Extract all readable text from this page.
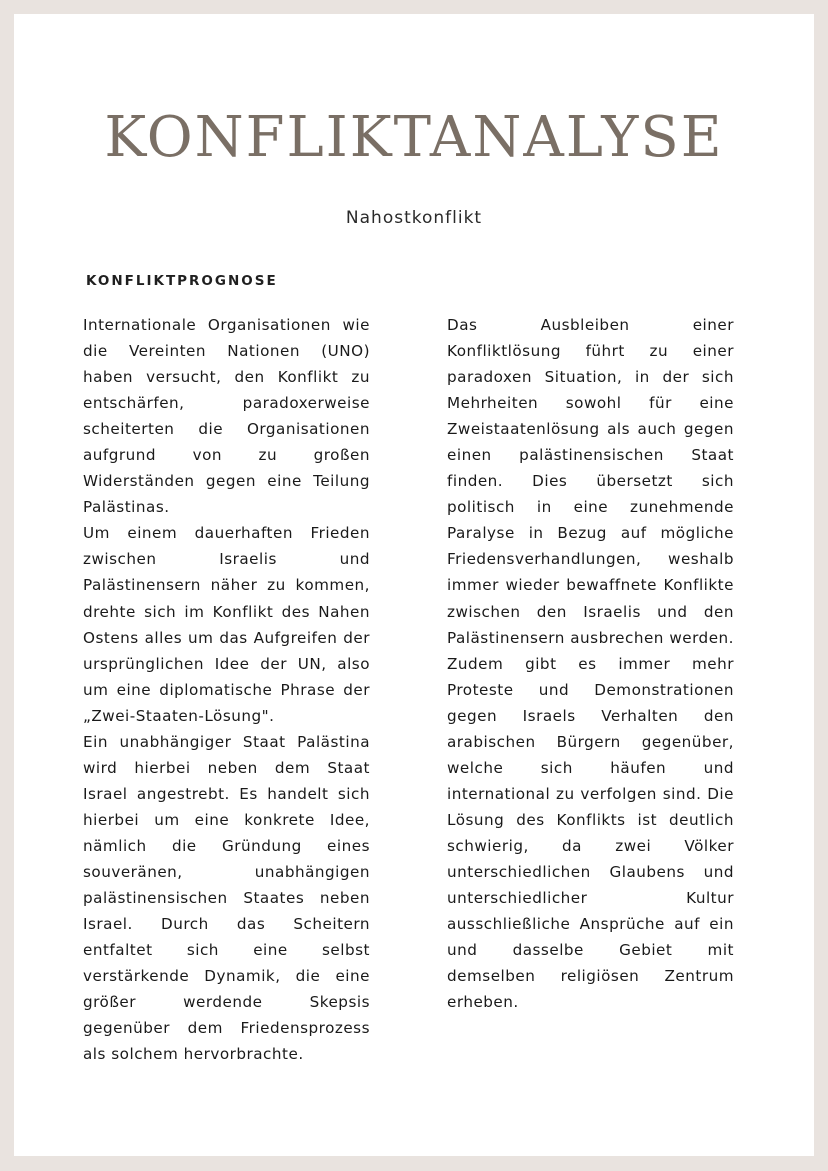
KONFLIKTANALYSE
Nahostkonflikt
KONFLIKTPROGNOSE

Internationale Organisationen wie die Vereinten Nationen (UNO) haben versucht, den Konflikt zu entschärfen, paradoxerweise scheiterten die Organisationen aufgrund von zu großen Widerständen gegen eine Teilung Palästinas.

Um einem dauerhaften Frieden zwischen Israelis und Palästinensern näher zu kommen, drehte sich im Konflikt des Nahen Ostens alles um das Aufgreifen der ursprünglichen Idee der UN, also um eine diplomatische Phrase der „Zwei-Staaten-Lösung".

Ein unabhängiger Staat Palästina wird hierbei neben dem Staat Israel angestrebt. Es handelt sich hierbei um eine konkrete Idee, nämlich die Gründung eines souveränen, unabhängigen palästinensischen Staates neben Israel. Durch das Scheitern entfaltet sich eine selbst verstärkende Dynamik, die eine größer werdende Skepsis gegenüber dem Friedensprozess als solchem hervorbrachte.

Das Ausbleiben einer Konfliktlösung führt zu einer paradoxen Situation, in der sich Mehrheiten sowohl für eine Zweistaatenlösung als auch gegen einen palästinensischen Staat finden. Dies übersetzt sich politisch in eine zunehmende Paralyse in Bezug auf mögliche Friedensverhandlungen, weshalb immer wieder bewaffnete Konflikte zwischen den Israelis und den Palästinensern ausbrechen werden. Zudem gibt es immer mehr Proteste und Demonstrationen gegen Israels Verhalten den arabischen Bürgern gegenüber, welche sich häufen und international zu verfolgen sind. Die Lösung des Konflikts ist deutlich schwierig, da zwei Völker unterschiedlichen Glaubens und unterschiedlicher Kultur ausschließliche Ansprüche auf ein und dasselbe Gebiet mit demselben religiösen Zentrum erheben.
